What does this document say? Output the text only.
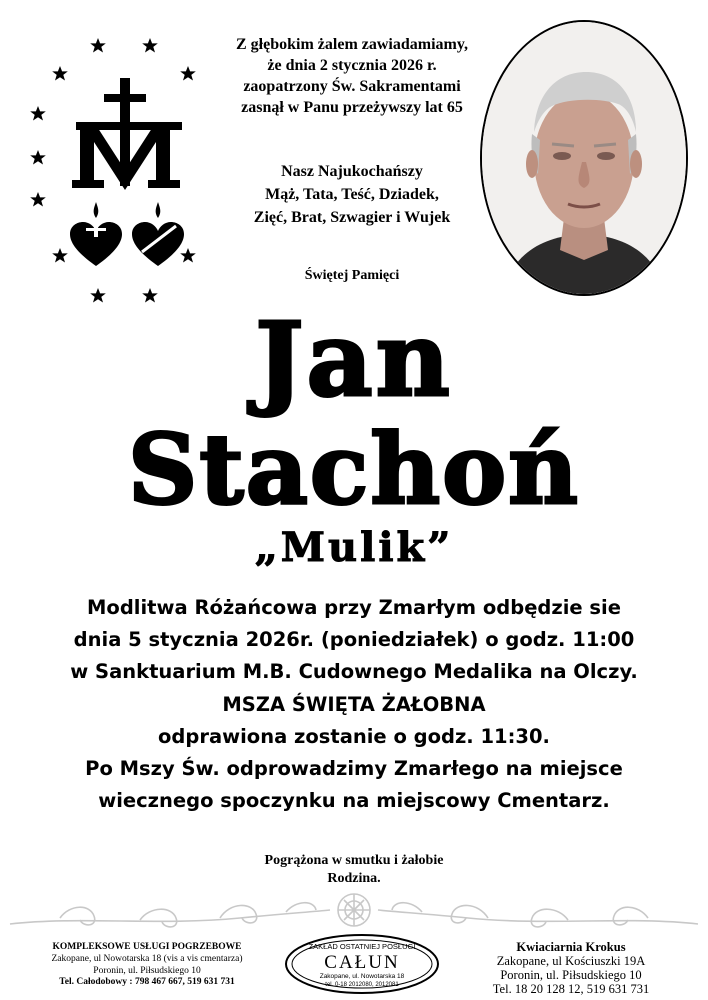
Z głębokim żalem zawiadamiamy,
że dnia 2 stycznia 2026 r.
zaopatrzony Św. Sakramentami
zasnął w Panu przeżywszy lat 65
Nasz Najukochańszy
Mąż, Tata, Teść, Dziadek,
Zięć, Brat, Szwagier i Wujek
Świętej Pamięci
Jan
Stachoń
„Mulik”
Modlitwa Różańcowa przy Zmarłym odbędzie sie
dnia 5 stycznia 2026r. (poniedziałek) o godz. 11:00
w Sanktuarium M.B. Cudownego Medalika na Olczy.
MSZA ŚWIĘTA ŻAŁOBNA
odprawiona zostanie o godz. 11:30.
Po Mszy Św. odprowadzimy Zmarłego na miejsce
wiecznego spoczynku na miejscowy Cmentarz.
Pogrążona w smutku i żałobie
Rodzina.
KOMPLEKSOWE USŁUGI POGRZEBOWE
Zakopane, ul Nowotarska 18 (vis a vis cmentarza)
Poronin, ul. Piłsudskiego 10
Tel. Całodobowy : 798 467 667, 519 631 731
ZAKŁAD OSTATNIEJ POSŁUGI
CAŁUN
Zakopane, ul. Nowotarska 18
tel. 0-18 2012080, 2012081
Kwiaciarnia Krokus
Zakopane, ul Kościuszki 19A
Poronin, ul. Piłsudskiego 10
Tel. 18 20 128 12, 519 631 731
